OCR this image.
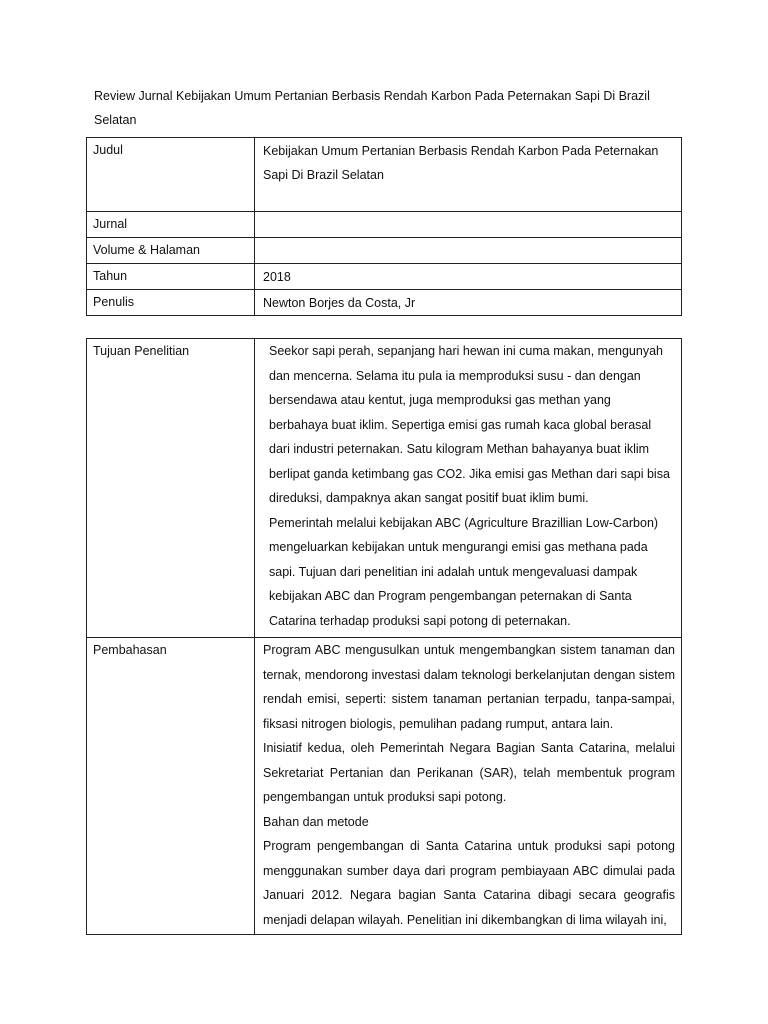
Review Jurnal Kebijakan Umum Pertanian Berbasis Rendah Karbon Pada Peternakan Sapi Di Brazil Selatan
Judul	Kebijakan Umum Pertanian Berbasis Rendah Karbon Pada Peternakan Sapi Di Brazil Selatan
Jurnal	
Volume & Halaman	
Tahun	2018
Penulis	Newton Borjes da Costa, Jr
Tujuan Penelitian	Seekor sapi perah, sepanjang hari hewan ini cuma makan, mengunyah dan mencerna. Selama itu pula ia memproduksi susu - dan dengan bersendawa atau kentut, juga memproduksi gas methan yang berbahaya buat iklim. Sepertiga emisi gas rumah kaca global berasal dari industri peternakan. Satu kilogram Methan bahayanya buat iklim berlipat ganda ketimbang gas CO2. Jika emisi gas Methan dari sapi bisa direduksi, dampaknya akan sangat positif buat iklim bumi.

Pemerintah melalui kebijakan ABC (Agriculture Brazillian Low-Carbon) mengeluarkan kebijakan untuk mengurangi emisi gas methana pada sapi. Tujuan dari penelitian ini adalah untuk mengevaluasi dampak kebijakan ABC dan Program pengembangan peternakan di Santa Catarina terhadap produksi sapi potong di peternakan.

Pembahasan	Program ABC mengusulkan untuk mengembangkan sistem tanaman dan ternak, mendorong investasi dalam teknologi berkelanjutan dengan sistem rendah emisi, seperti: sistem tanaman pertanian terpadu, tanpa-sampai, fiksasi nitrogen biologis, pemulihan padang rumput, antara lain.

Inisiatif kedua, oleh Pemerintah Negara Bagian Santa Catarina, melalui Sekretariat Pertanian dan Perikanan (SAR), telah membentuk program pengembangan untuk produksi sapi potong.

Bahan dan metode

Program pengembangan di Santa Catarina untuk produksi sapi potong menggunakan sumber daya dari program pembiayaan ABC dimulai pada Januari 2012. Negara bagian Santa Catarina dibagi secara geografis menjadi delapan wilayah. Penelitian ini dikembangkan di lima wilayah ini,
